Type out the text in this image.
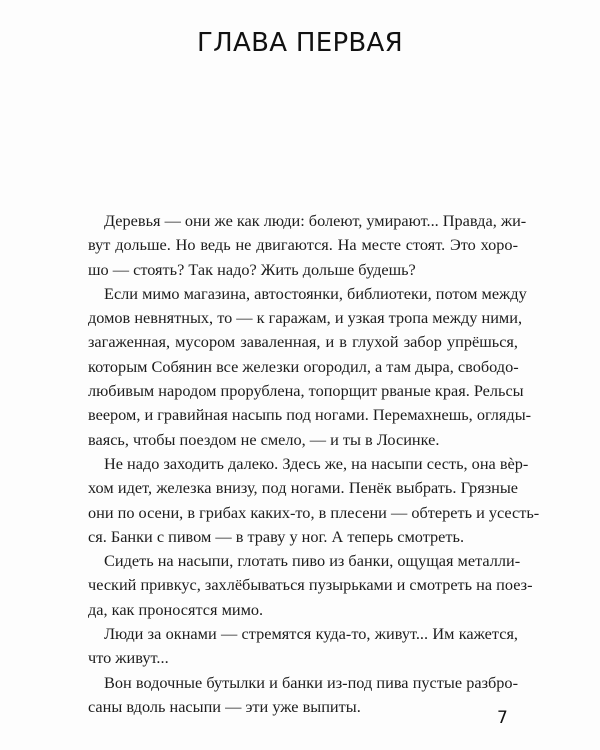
ГЛАВА ПЕРВАЯ
Деревья — они же как люди: болеют, умирают... Правда, жи-
вут дольше. Но ведь не двигаются. На месте стоят. Это хоро-
шо — стоять? Так надо? Жить дольше будешь?
Если мимо магазина, автостоянки, библиотеки, потом между
домов невнятных, то — к гаражам, и узкая тропа между ними,
загаженная, мусором заваленная, и в глухой забор упрёшься,
которым Собянин все железки огородил, а там дыра, свободо-
любивым народом прорублена, топорщит рваные края. Рельсы
веером, и гравийная насыпь под ногами. Перемахнешь, огляды-
ваясь, чтобы поездом не смело, — и ты в Лосинке.
Не надо заходить далеко. Здесь же, на насыпи сесть, она вѐр-
хом идет, железка внизу, под ногами. Пенёк выбрать. Грязные
они по осени, в грибах каких-то, в плесени — обтереть и усесть-
ся. Банки с пивом — в траву у ног. А теперь смотреть.
Сидеть на насыпи, глотать пиво из банки, ощущая металли-
ческий привкус, захлёбываться пузырьками и смотреть на поез-
да, как проносятся мимо.
Люди за окнами — стремятся куда-то, живут... Им кажется,
что живут...
Вон водочные бутылки и банки из-под пива пустые разбро-
саны вдоль насыпи — эти уже выпиты.
7
